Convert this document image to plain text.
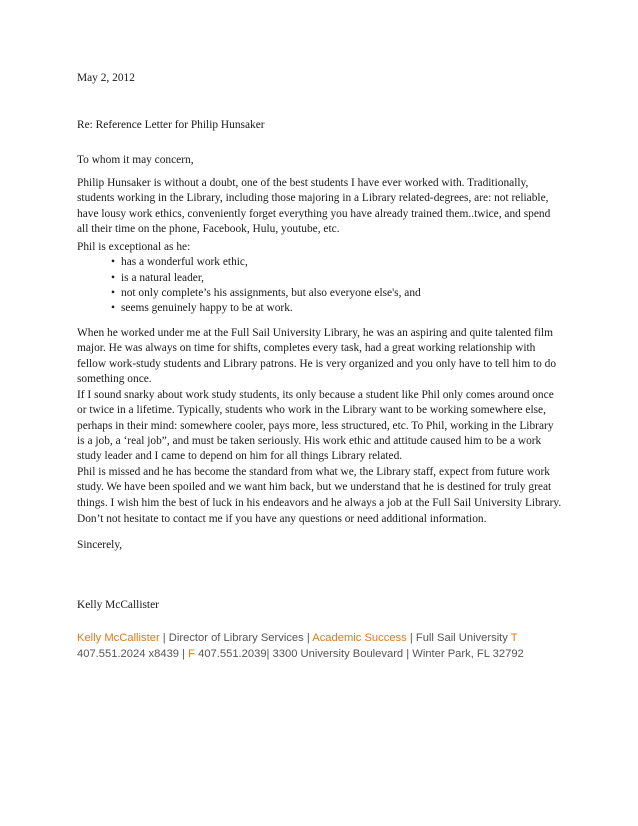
May 2, 2012
Re: Reference Letter for Philip Hunsaker
To whom it may concern,
Philip Hunsaker is without a doubt, one of the best students I have ever worked with. Traditionally,
students working in the Library, including those majoring in a Library related-degrees, are: not reliable,
have lousy work ethics, conveniently forget everything you have already trained them..twice, and spend
all their time on the phone, Facebook, Hulu, youtube, etc.
Phil is exceptional as he:
• has a wonderful work ethic,
• is a natural leader,
• not only complete’s his assignments, but also everyone else's, and
• seems genuinely happy to be at work.
When he worked under me at the Full Sail University Library, he was an aspiring and quite talented film
major. He was always on time for shifts, completes every task, had a great working relationship with
fellow work-study students and Library patrons. He is very organized and you only have to tell him to do
something once.
If I sound snarky about work study students, its only because a student like Phil only comes around once
or twice in a lifetime. Typically, students who work in the Library want to be working somewhere else,
perhaps in their mind: somewhere cooler, pays more, less structured, etc. To Phil, working in the Library
is a job, a ‘real job”, and must be taken seriously. His work ethic and attitude caused him to be a work
study leader and I came to depend on him for all things Library related.
Phil is missed and he has become the standard from what we, the Library staff, expect from future work
study. We have been spoiled and we want him back, but we understand that he is destined for truly great
things. I wish him the best of luck in his endeavors and he always a job at the Full Sail University Library.
Don’t not hesitate to contact me if you have any questions or need additional information.
Sincerely,
Kelly McCallister
Kelly McCallister | Director of Library Services | Academic Success | Full Sail University T
407.551.2024 x8439 | F 407.551.2039| 3300 University Boulevard | Winter Park, FL 32792
